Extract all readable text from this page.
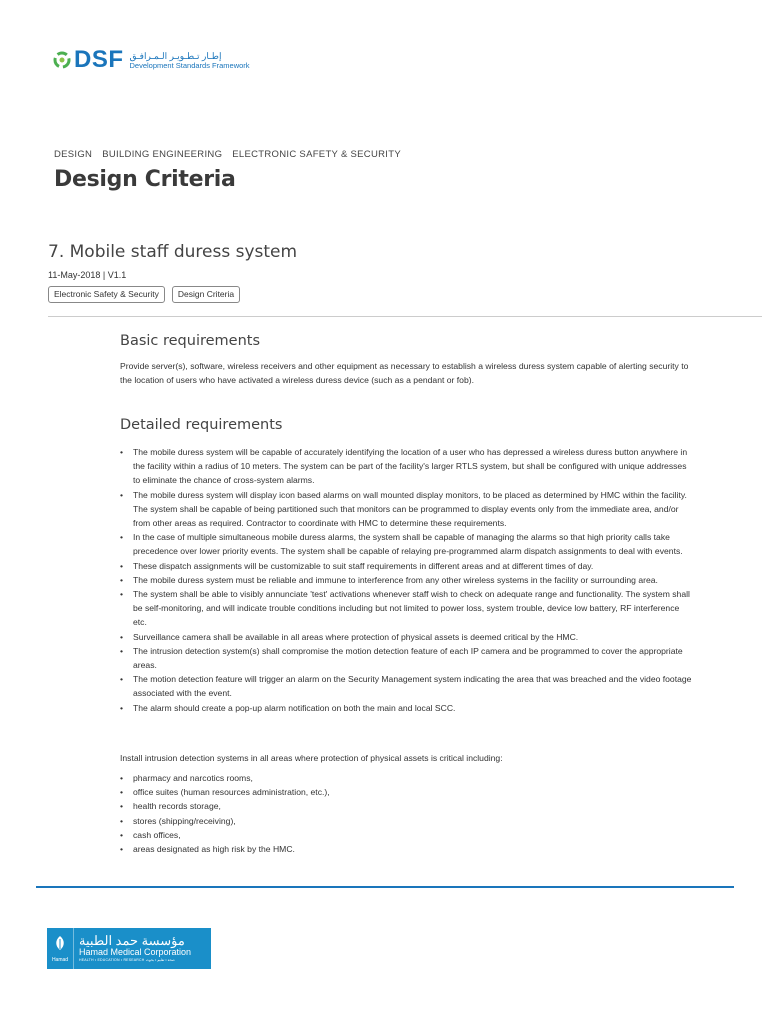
DSF إطـار تـطـويـر الـمـرافـق
Development Standards Framework
DESIGN BUILDING ENGINEERING ELECTRONIC SAFETY & SECURITY
Design Criteria
7. Mobile staff duress system
11-May-2018 | V1.1
Electronic Safety & Security	Design Criteria
Basic requirements

Provide server(s), software, wireless receivers and other equipment as necessary to establish a wireless duress system capable of alerting security to the location of users who have activated a wireless duress device (such as a pendant or fob).

Detailed requirements
• The mobile duress system will be capable of accurately identifying the location of a user who has depressed a wireless duress button anywhere in the facility within a radius of 10 meters. The system can be part of the facility's larger RTLS system, but shall be configured with unique addresses to eliminate the chance of cross-system alarms.
• The mobile duress system will display icon based alarms on wall mounted display monitors, to be placed as determined by HMC within the facility. The system shall be capable of being partitioned such that monitors can be programmed to display events only from the immediate area, and/or from other areas as required. Contractor to coordinate with HMC to determine these requirements.
• In the case of multiple simultaneous mobile duress alarms, the system shall be capable of managing the alarms so that high priority calls take precedence over lower priority events. The system shall be capable of relaying pre-programmed alarm dispatch assignments to deal with events.
• These dispatch assignments will be customizable to suit staff requirements in different areas and at different times of day.
• The mobile duress system must be reliable and immune to interference from any other wireless systems in the facility or surrounding area.
• The system shall be able to visibly annunciate 'test' activations whenever staff wish to check on adequate range and functionality. The system shall be self-monitoring, and will indicate trouble conditions including but not limited to power loss, system trouble, device low battery, RF interference etc.
• Surveillance camera shall be available in all areas where protection of physical assets is deemed critical by the HMC.
• The intrusion detection system(s) shall compromise the motion detection feature of each IP camera and be programmed to cover the appropriate areas.
• The motion detection feature will trigger an alarm on the Security Management system indicating the area that was breached and the video footage associated with the event.
• The alarm should create a pop-up alarm notification on both the main and local SCC.

Install intrusion detection systems in all areas where protection of physical assets is critical including:

• pharmacy and narcotics rooms,
• office suites (human resources administration, etc.),
• health records storage,
• stores (shipping/receiving),
• cash offices,
• areas designated as high risk by the HMC.
Hamad
مؤسسة حمد الطبية
Hamad Medical Corporation
HEALTH • EDUCATION • RESEARCH صحة • تعليم • بحوث
